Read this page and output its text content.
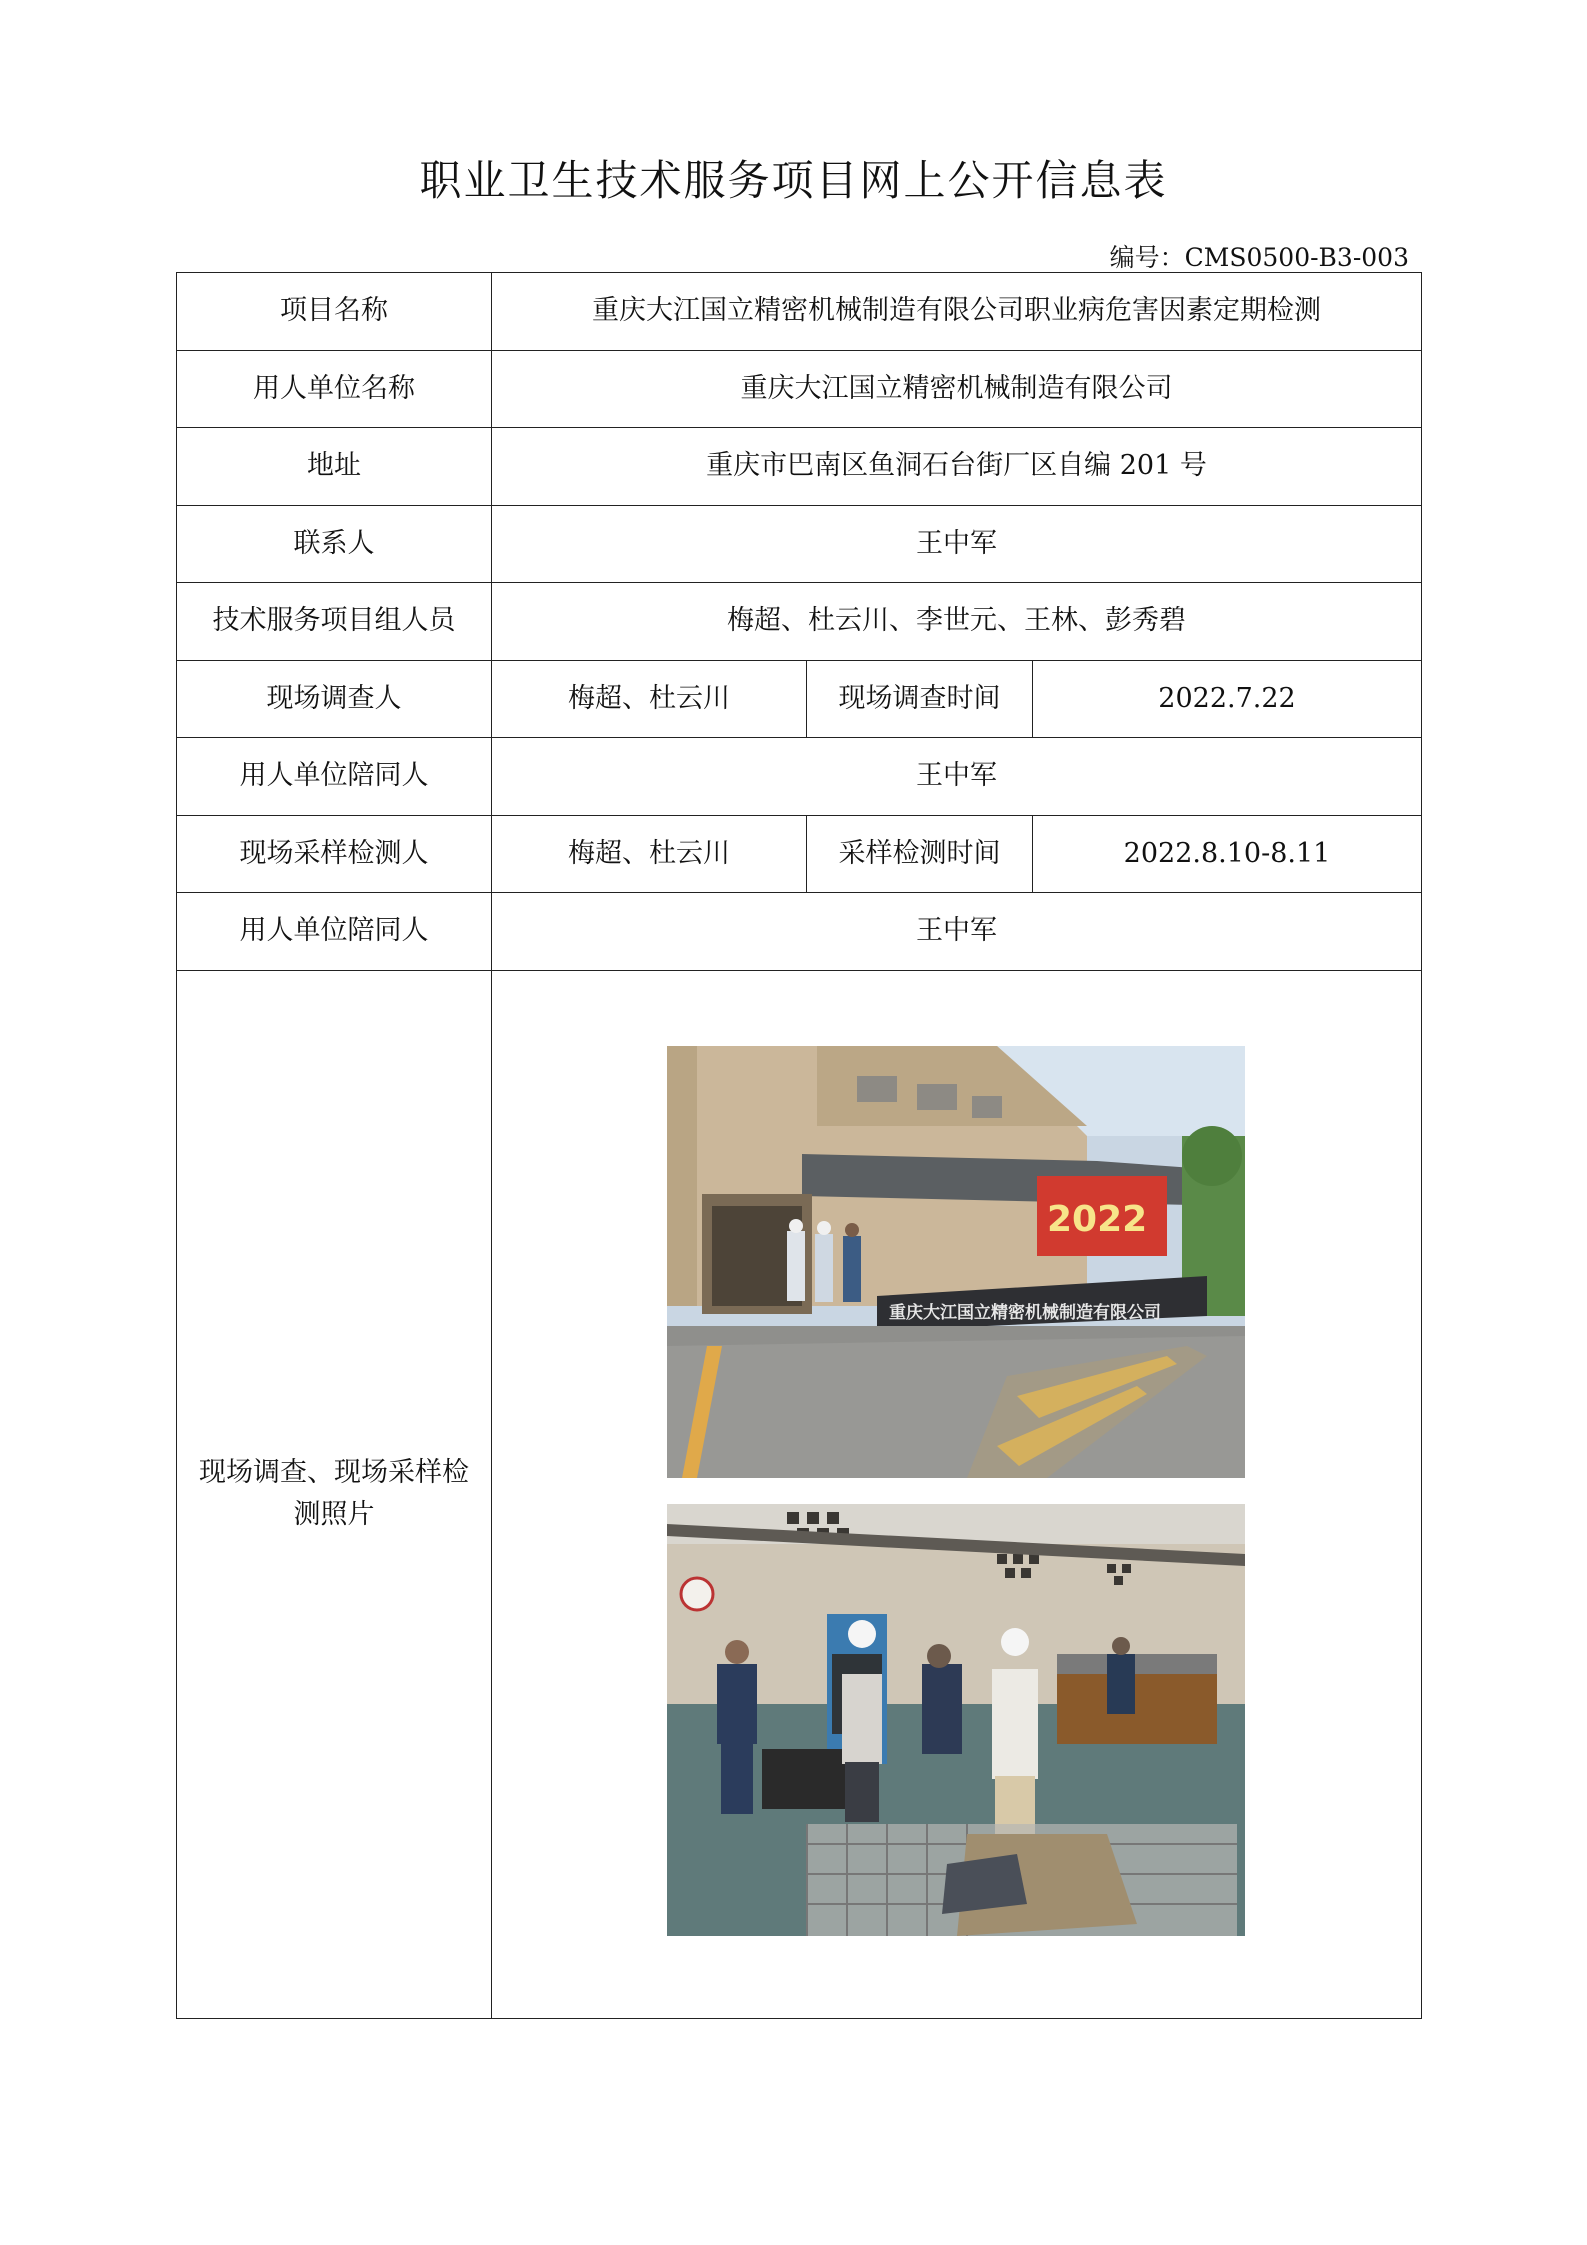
职业卫生技术服务项目网上公开信息表
编号：CMS0500-B3-003
项目名称	重庆大江国立精密机械制造有限公司职业病危害因素定期检测		
用人单位名称	重庆大江国立精密机械制造有限公司		
地址	重庆市巴南区鱼洞石台街厂区自编 201 号		
联系人	王中军		
技术服务项目组人员	梅超、杜云川、李世元、王林、彭秀碧		
现场调查人	梅超、杜云川	现场调查时间	2022.7.22
用人单位陪同人	王中军		
现场采样检测人	梅超、杜云川	采样检测时间	2022.8.10-8.11
用人单位陪同人	王中军		
现场调查、现场采样检测照片	2022
重庆大江国立精密机械制造有限公司		
